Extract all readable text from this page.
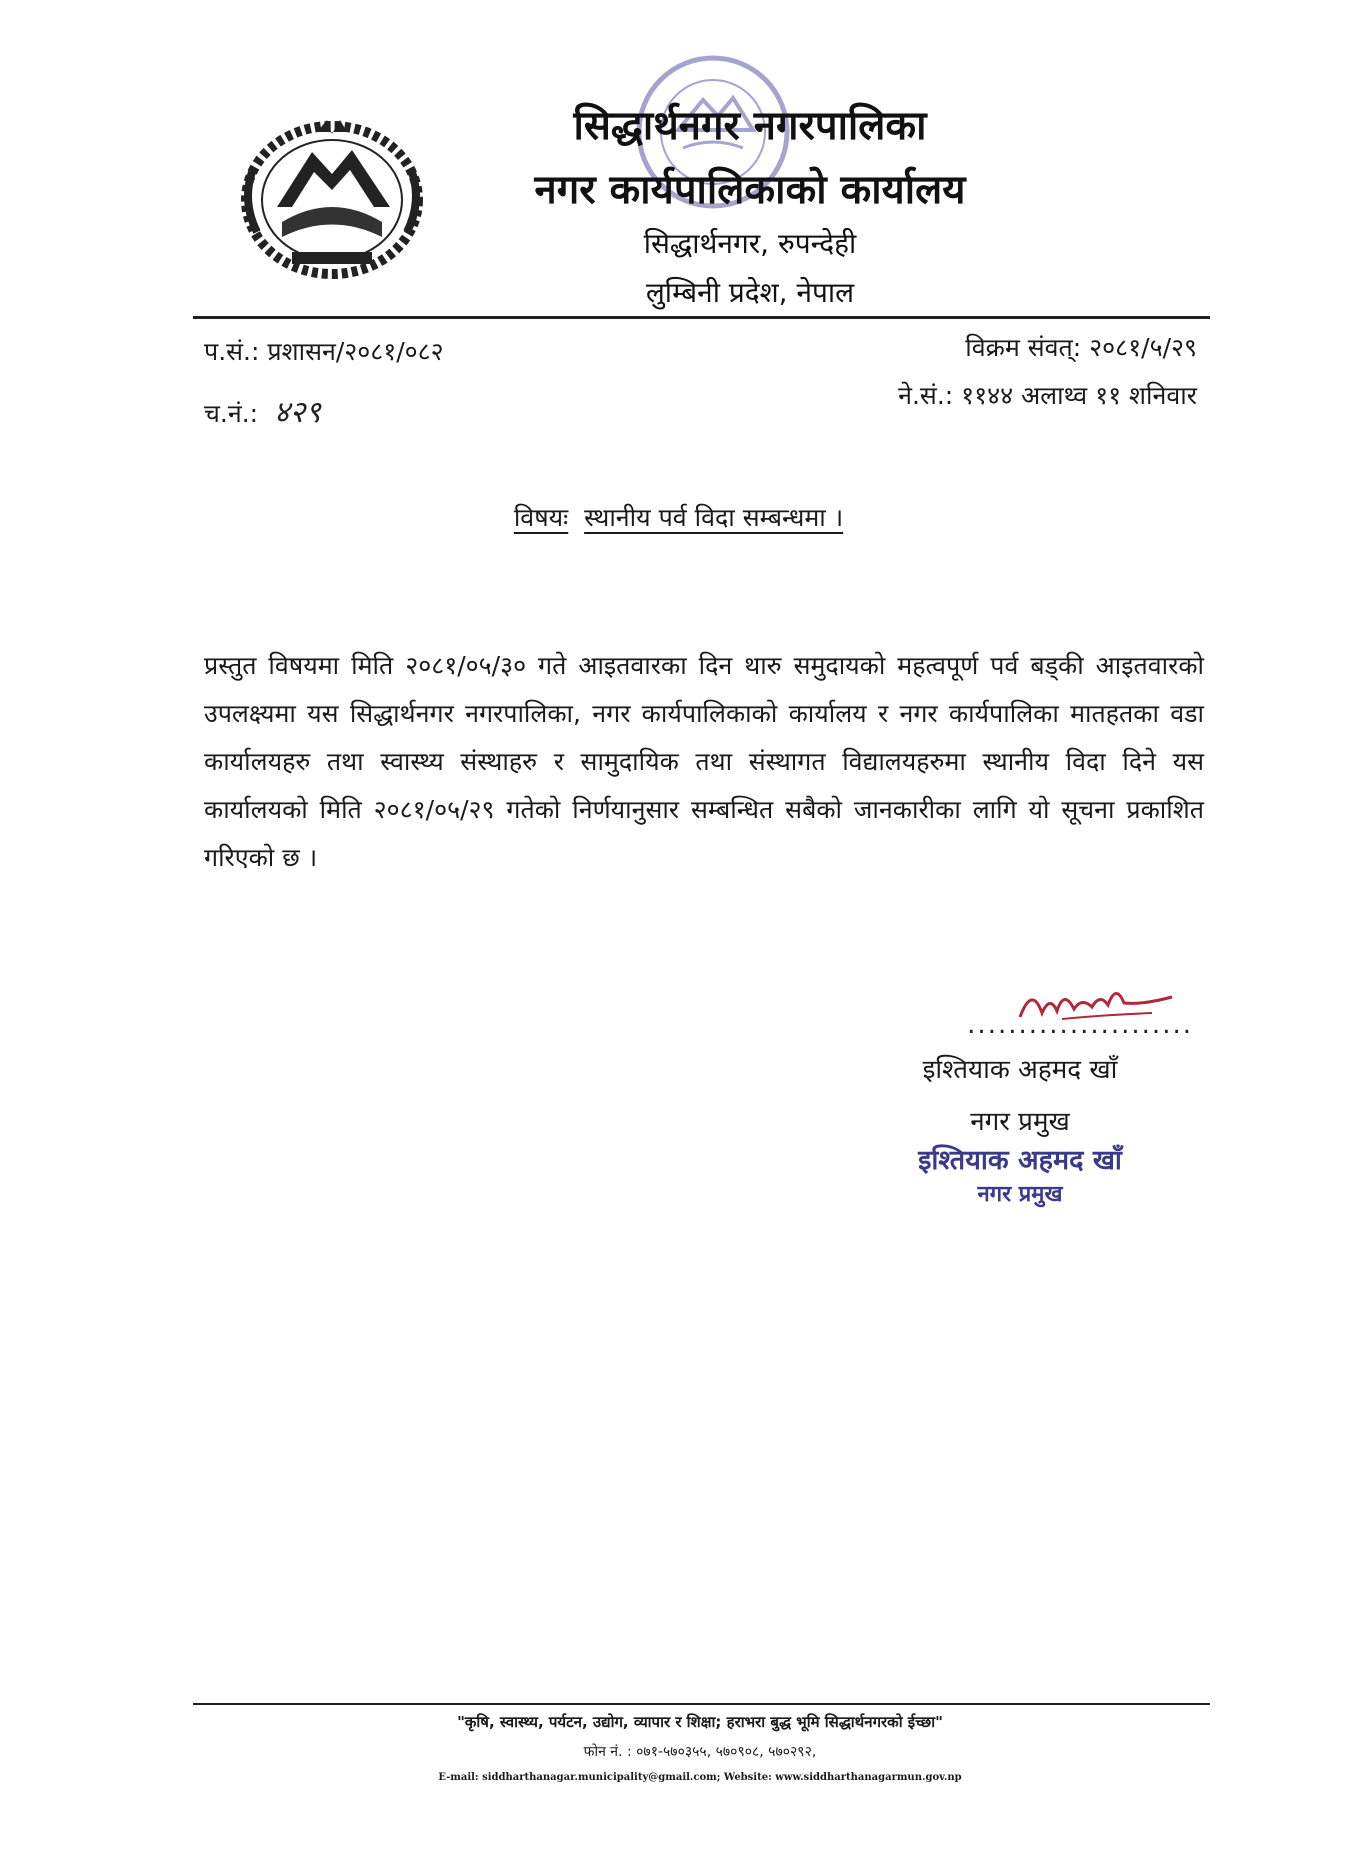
सिद्धार्थनगर नगरपालिका
नगर कार्यपालिकाको कार्यालय
सिद्धार्थनगर, रुपन्देही
लुम्बिनी प्रदेश, नेपाल
प.सं.: प्रशासन/२०८१/०८२
च.नं.: ४२९
विक्रम संवत्: २०८१/५/२९
ने.सं.: ११४४ अलाथ्व ११ शनिवार
विषयः स्थानीय पर्व विदा सम्बन्धमा ।
प्रस्तुत विषयमा मिति २०८१/०५/३० गते आइतवारका दिन थारु समुदायको महत्वपूर्ण पर्व बड्की आइतवारको उपलक्ष्यमा यस सिद्धार्थनगर नगरपालिका, नगर कार्यपालिकाको कार्यालय र नगर कार्यपालिका मातहतका वडा कार्यालयहरु तथा स्वास्थ्य संस्थाहरु र सामुदायिक तथा संस्थागत विद्यालयहरुमा स्थानीय विदा दिने यस कार्यालयको मिति २०८१/०५/२९ गतेको निर्णयानुसार सम्बन्धित सबैको जानकारीका लागि यो सूचना प्रकाशित गरिएको छ ।
......................
इश्तियाक अहमद खाँ
नगर प्रमुख
इश्तियाक अहमद खाँ
नगर प्रमुख
"कृषि, स्वास्थ्य, पर्यटन, उद्योग, व्यापार र शिक्षा; हराभरा बुद्ध भूमि सिद्धार्थनगरको ईच्छा"
फोन नं. : ०७१-५७०३५५, ५७०९०८, ५७०२९२,
E-mail: siddharthanagar.municipality@gmail.com; Website: www.siddharthanagarmun.gov.np
